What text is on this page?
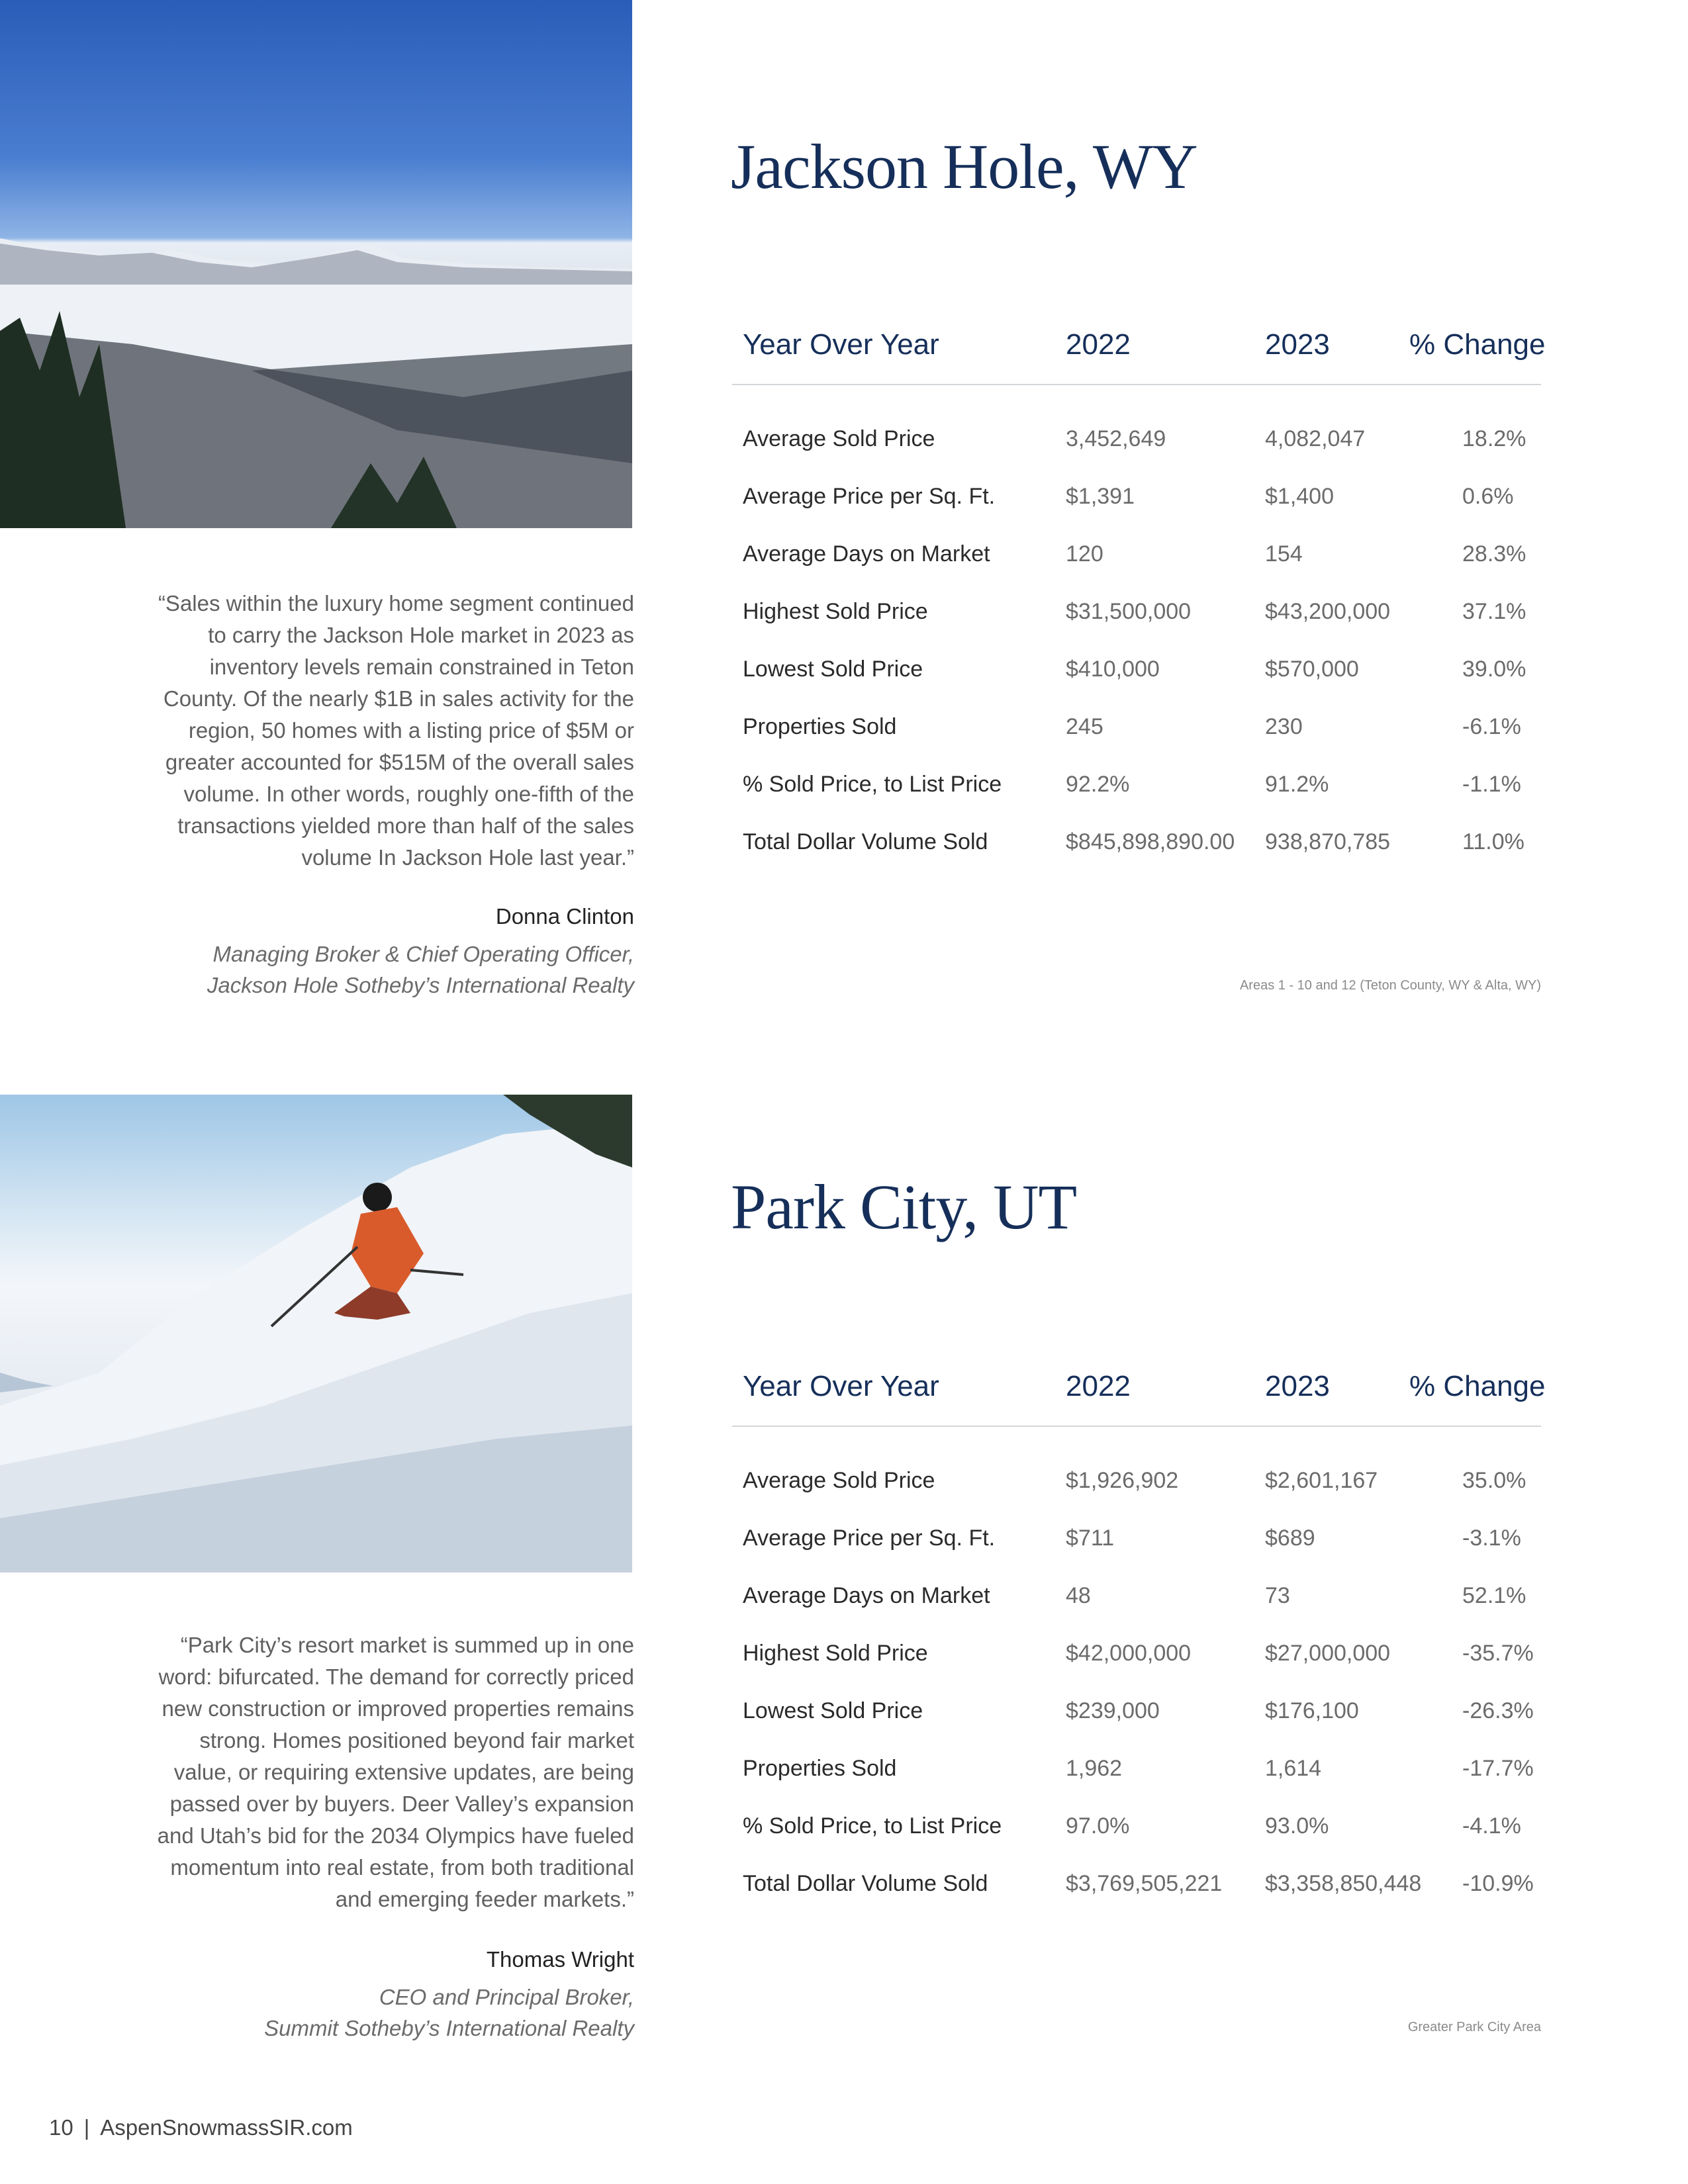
Jackson Hole, WY
Year Over Year	2022	2023	% Change
Average Sold Price	3,452,649	4,082,047	18.2%
Average Price per Sq. Ft.	$1,391	$1,400	0.6%
Average Days on Market	120	154	28.3%
Highest Sold Price	$31,500,000	$43,200,000	37.1%
Lowest Sold Price	$410,000	$570,000	39.0%
Properties Sold	245	230	-6.1%
% Sold Price, to List Price	92.2%	91.2%	-1.1%
Total Dollar Volume Sold	$845,898,890.00 938,870,785	11.0%
Areas 1 - 10 and 12 (Teton County, WY & Alta, WY)

“Sales within the luxury home segment continued to carry the Jackson Hole market in 2023 as inventory levels remain constrained in Teton County. Of the nearly $1B in sales activity for the region, 50 homes with a listing price of $5M or greater accounted for $515M of the overall sales volume. In other words, roughly one-fifth of the transactions yielded more than half of the sales volume In Jackson Hole last year.”

Donna Clinton
Managing Broker & Chief Operating Officer,
Jackson Hole Sotheby’s International Realty
Park City, UT
Year Over Year	2022	2023	% Change
Average Sold Price	$1,926,902	$2,601,167	35.0%
Average Price per Sq. Ft.	$711	$689	-3.1%
Average Days on Market	48	73	52.1%
Highest Sold Price	$42,000,000	$27,000,000	-35.7%
Lowest Sold Price	$239,000	$176,100	-26.3%
Properties Sold	1,962	1,614	-17.7%
% Sold Price, to List Price	97.0%	93.0%	-4.1%
Total Dollar Volume Sold	$3,769,505,221 $3,358,850,448 -10.9%
Greater Park City Area

“Park City’s resort market is summed up in one word: bifurcated. The demand for correctly priced new construction or improved properties remains strong. Homes positioned beyond fair market value, or requiring extensive updates, are being passed over by buyers. Deer Valley’s expansion and Utah’s bid for the 2034 Olympics have fueled momentum into real estate, from both traditional and emerging feeder markets.”

Thomas Wright
CEO and Principal Broker,
Summit Sotheby’s International Realty
10 | AspenSnowmassSIR.com
